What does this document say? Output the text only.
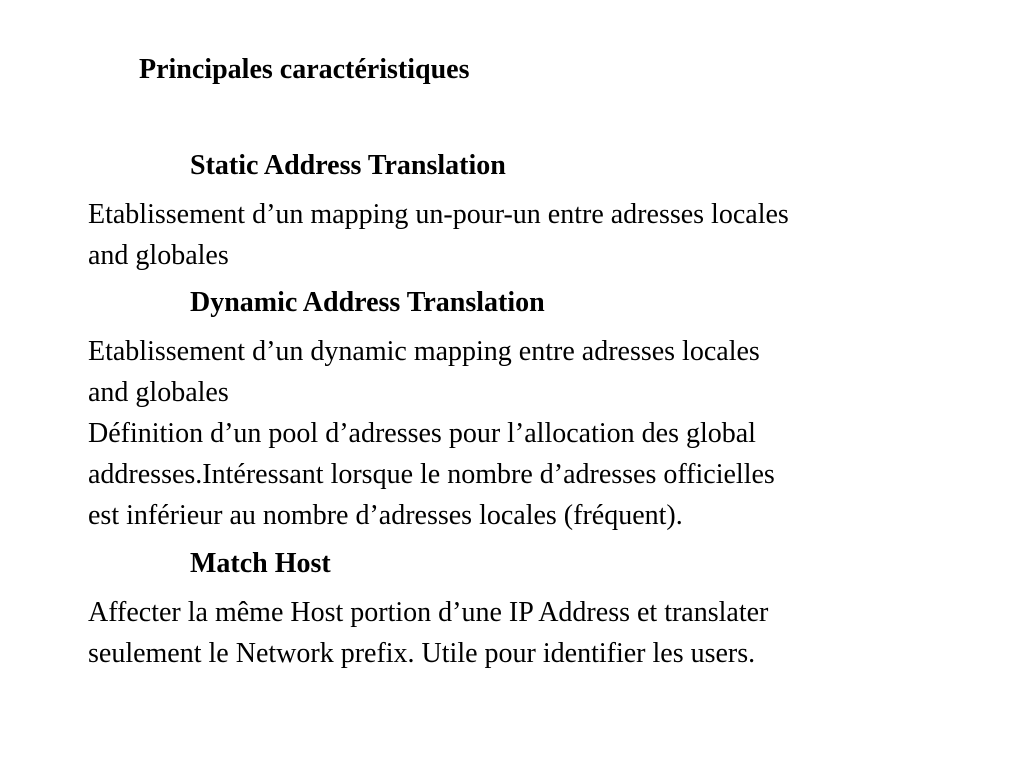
Principales caractéristiques
Static Address Translation
Etablissement d’un mapping un-pour-un entre adresses locales
and globales
Dynamic Address Translation
Etablissement d’un dynamic mapping entre adresses locales
and globales
Définition d’un pool d’adresses pour l’allocation des global
addresses.Intéressant lorsque le nombre d’adresses officielles
est inférieur au nombre d’adresses locales (fréquent).
Match Host
Affecter la même Host portion d’une IP Address et translater
seulement le Network prefix. Utile pour identifier les users.
